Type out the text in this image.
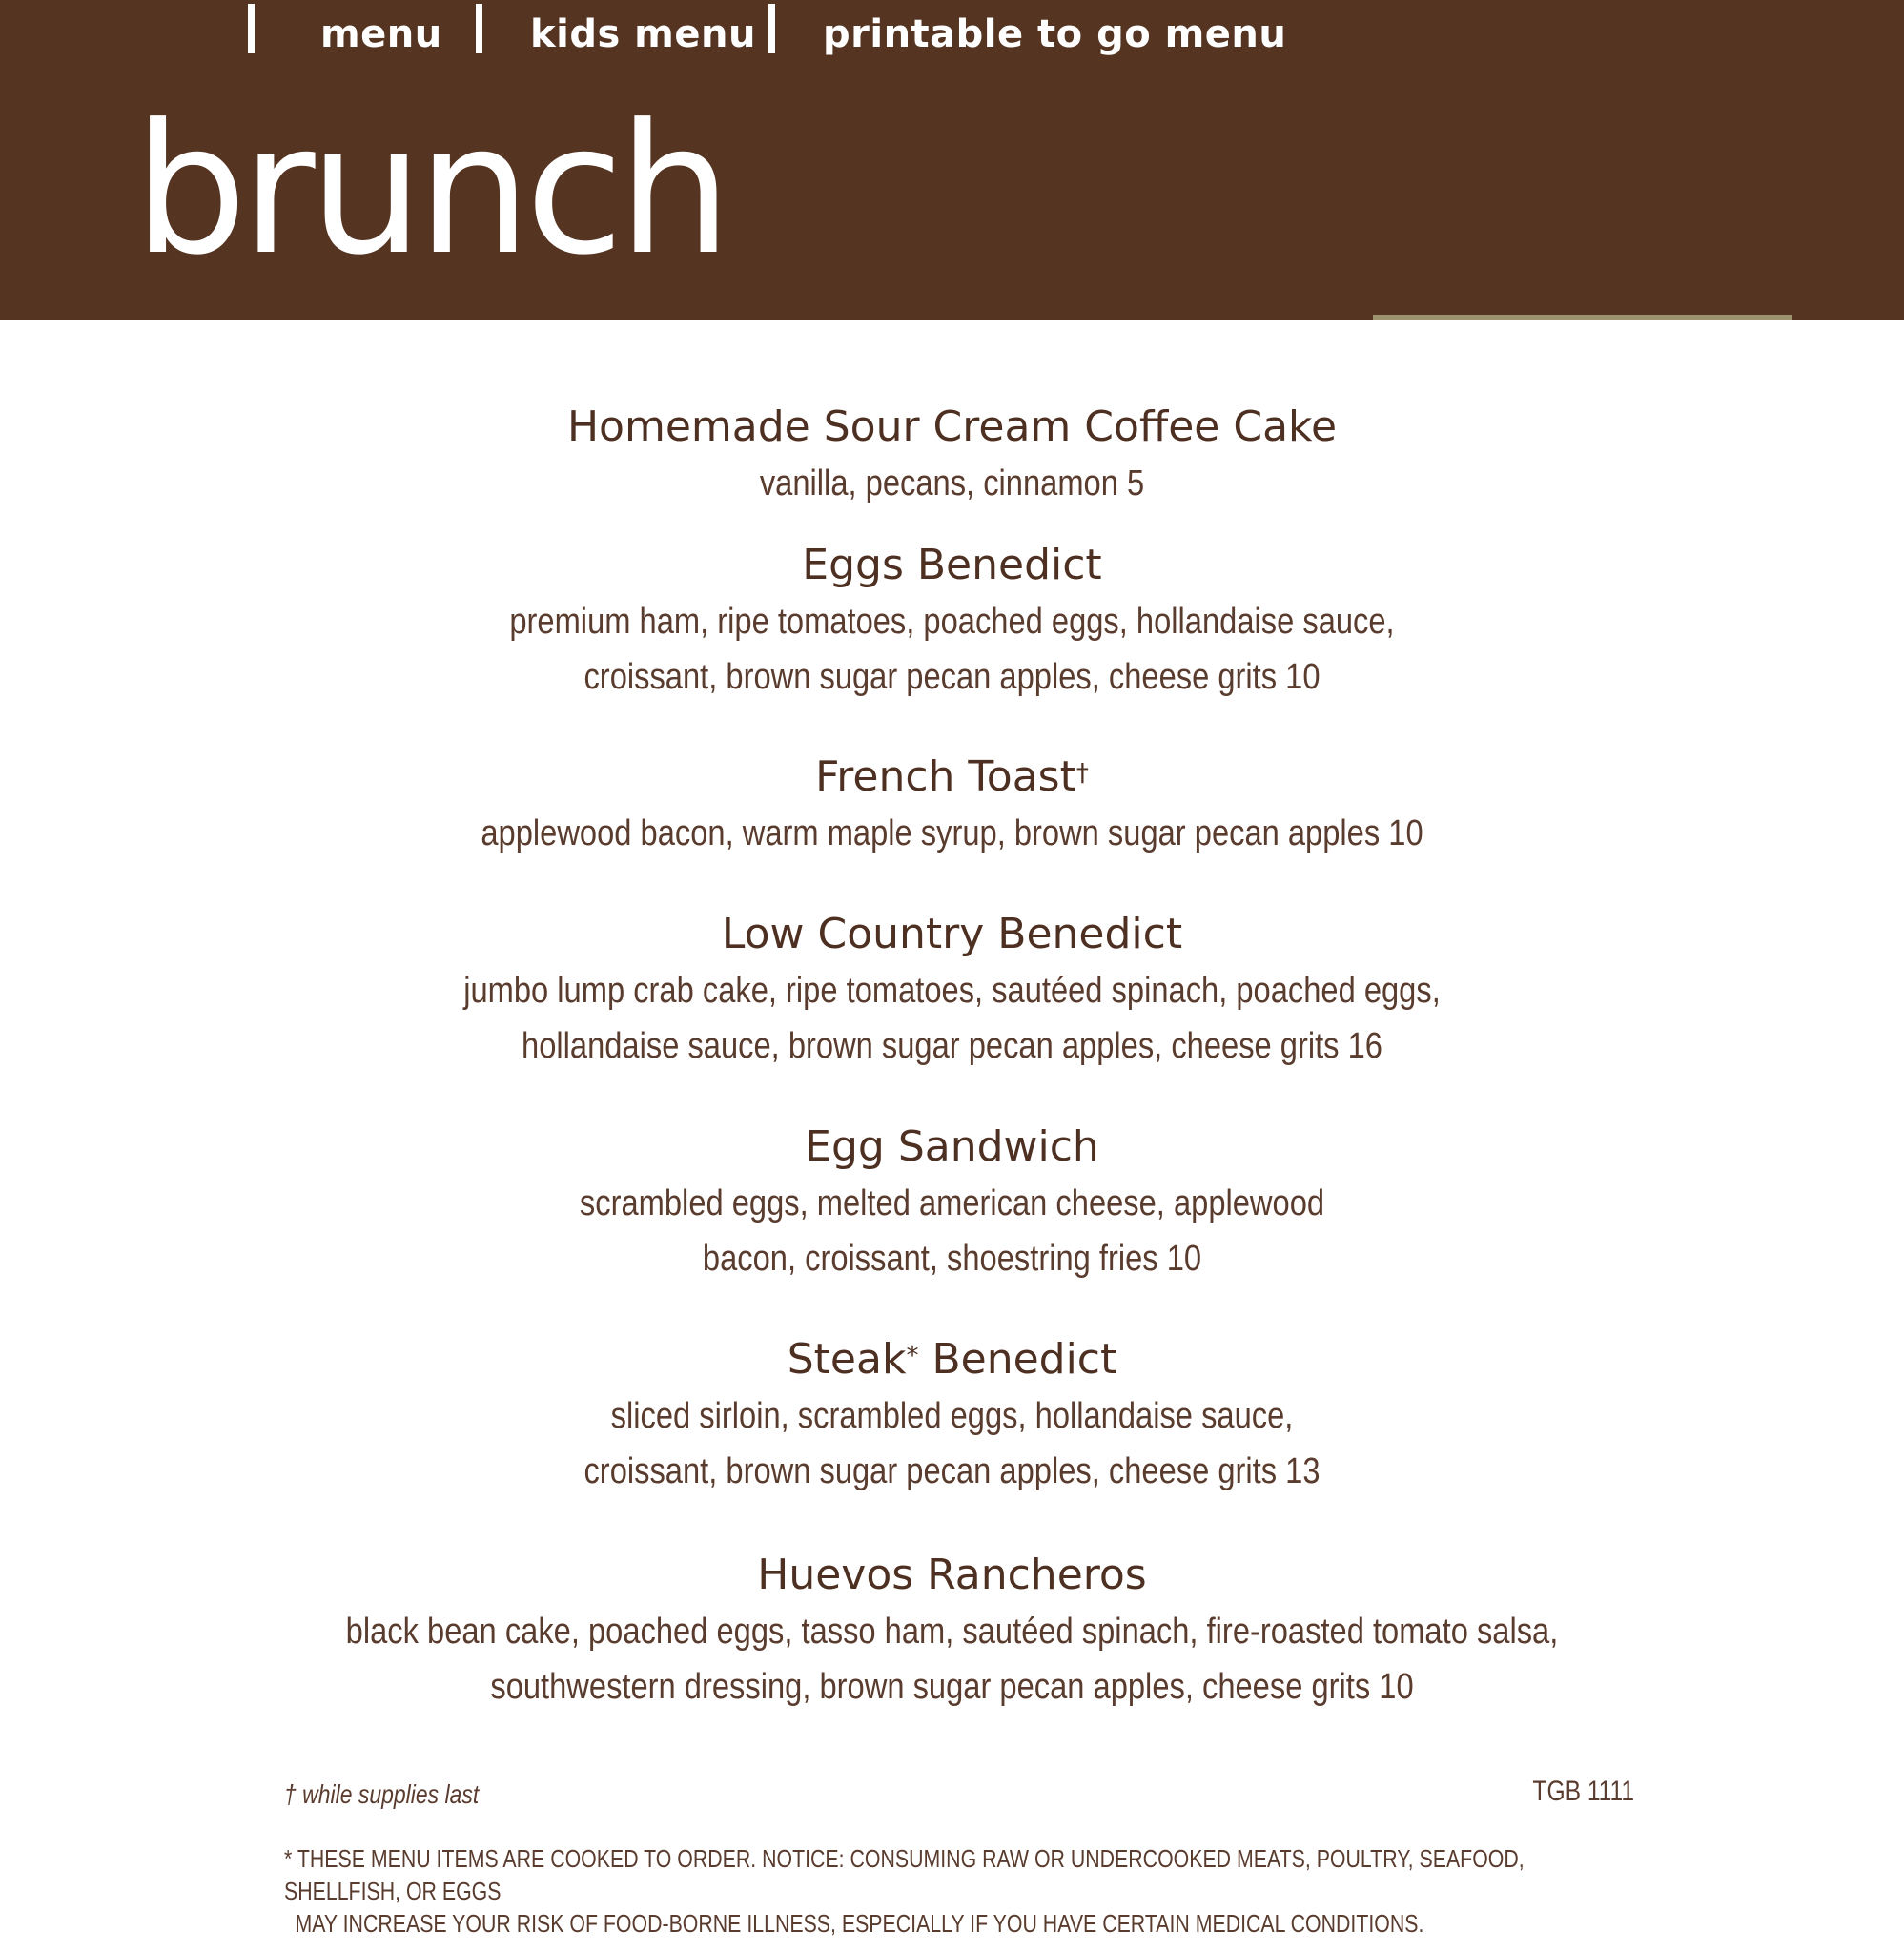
menu kids menu printable to go menu
brunch
Homemade Sour Cream Coffee Cake
vanilla, pecans, cinnamon 5
Eggs Benedict
premium ham, ripe tomatoes, poached eggs, hollandaise sauce,
croissant, brown sugar pecan apples, cheese grits 10
French Toast†
applewood bacon, warm maple syrup, brown sugar pecan apples 10
Low Country Benedict
jumbo lump crab cake, ripe tomatoes, sautéed spinach, poached eggs,
hollandaise sauce, brown sugar pecan apples, cheese grits 16
Egg Sandwich
scrambled eggs, melted american cheese, applewood
bacon, croissant, shoestring fries 10
Steak* Benedict
sliced sirloin, scrambled eggs, hollandaise sauce,
croissant, brown sugar pecan apples, cheese grits 13
Huevos Rancheros
black bean cake, poached eggs, tasso ham, sautéed spinach, fire-roasted tomato salsa,
southwestern dressing, brown sugar pecan apples, cheese grits 10
† while supplies last	TGB 1111
* THESE MENU ITEMS ARE COOKED TO ORDER. NOTICE: CONSUMING RAW OR UNDERCOOKED MEATS, POULTRY, SEAFOOD, SHELLFISH, OR EGGS
MAY INCREASE YOUR RISK OF FOOD-BORNE ILLNESS, ESPECIALLY IF YOU HAVE CERTAIN MEDICAL CONDITIONS.
